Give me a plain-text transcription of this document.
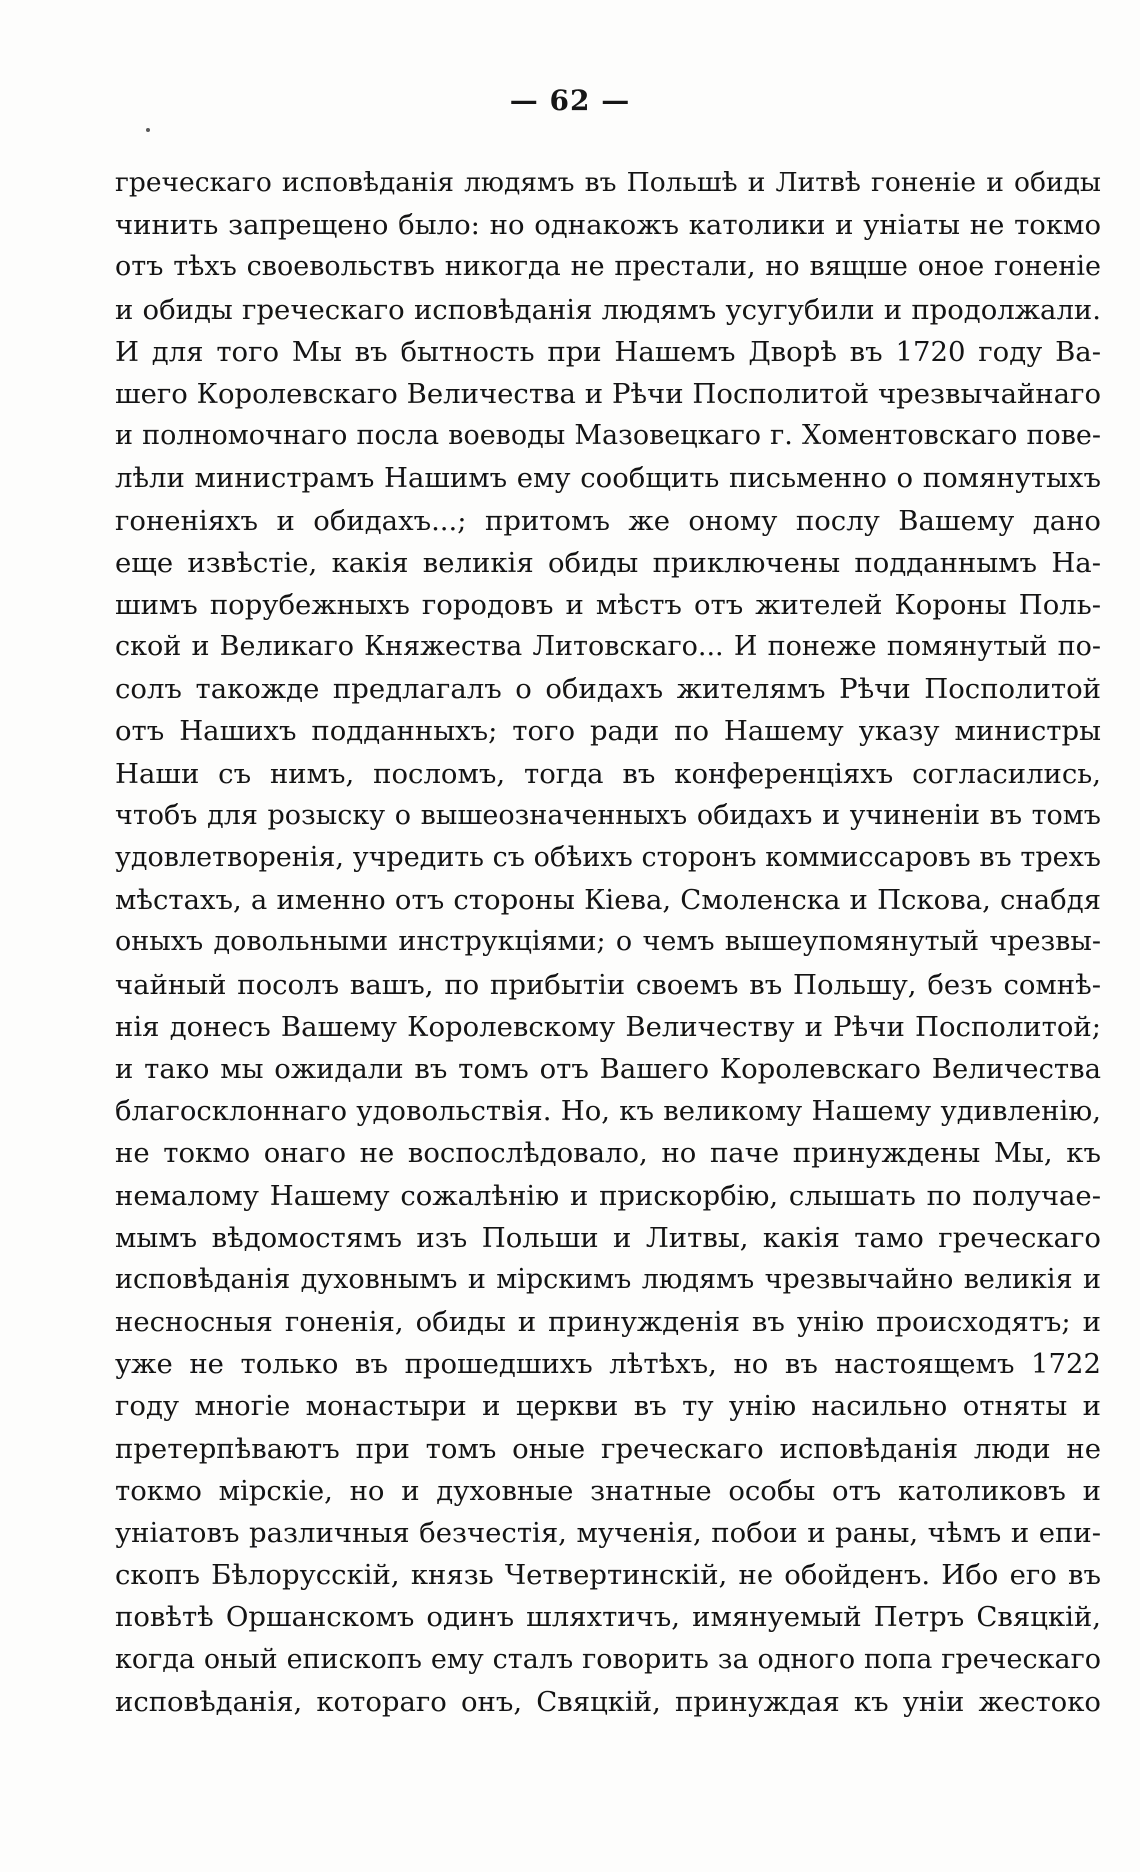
— 62 —
греческаго исповѣданія людямъ въ Польшѣ и Литвѣ гоненіе и обиды
чинить запрещено было: но однакожъ католики и уніаты не токмо
отъ тѣхъ своевольствъ никогда не престали, но вящше оное гоненіе
и обиды греческаго исповѣданія людямъ усугубили и продолжали.
И для того Мы въ бытность при Нашемъ Дворѣ въ 1720 году Ва-
шего Королевскаго Величества и Рѣчи Посполитой чрезвычайнаго
и полномочнаго посла воеводы Мазовецкаго г. Хоментовскаго пове-
лѣли министрамъ Нашимъ ему сообщить письменно о помянутыхъ
гоненіяхъ и обидахъ...; притомъ же оному послу Вашему дано
еще извѣстіе, какія великія обиды приключены подданнымъ На-
шимъ порубежныхъ городовъ и мѣстъ отъ жителей Короны Поль-
ской и Великаго Княжества Литовскаго... И понеже помянутый по-
солъ такожде предлагалъ о обидахъ жителямъ Рѣчи Посполитой
отъ Нашихъ подданныхъ; того ради по Нашему указу министры
Наши съ нимъ, посломъ, тогда въ конференціяхъ согласились,
чтобъ для розыску о вышеозначенныхъ обидахъ и учиненіи въ томъ
удовлетворенія, учредить съ обѣихъ сторонъ коммиссаровъ въ трехъ
мѣстахъ, а именно отъ стороны Кіева, Смоленска и Пскова, снабдя
оныхъ довольными инструкціями; о чемъ вышеупомянутый чрезвы-
чайный посолъ вашъ, по прибытіи своемъ въ Польшу, безъ сомнѣ-
нія донесъ Вашему Королевскому Величеству и Рѣчи Посполитой;
и тако мы ожидали въ томъ отъ Вашего Королевскаго Величества
благосклоннаго удовольствія. Но, къ великому Нашему удивленію,
не токмо онаго не воспослѣдовало, но паче принуждены Мы, къ
немалому Нашему сожалѣнію и прискорбію, слышать по получае-
мымъ вѣдомостямъ изъ Польши и Литвы, какія тамо греческаго
исповѣданія духовнымъ и мірскимъ людямъ чрезвычайно великія и
несносныя гоненія, обиды и принужденія въ унію происходятъ; и
уже не только въ прошедшихъ лѣтѣхъ, но въ настоящемъ 1722
году многіе монастыри и церкви въ ту унію насильно отняты и
претерпѣваютъ при томъ оные греческаго исповѣданія люди не
токмо мірскіе, но и духовные знатные особы отъ католиковъ и
уніатовъ различныя безчестія, мученія, побои и раны, чѣмъ и епи-
скопъ Бѣлорусскій, князь Четвертинскій, не обойденъ. Ибо его въ
повѣтѣ Оршанскомъ одинъ шляхтичъ, имянуемый Петръ Свяцкій,
когда оный епископъ ему сталъ говорить за одного попа греческаго
исповѣданія, котораго онъ, Свяцкій, принуждая къ уніи жестоко
